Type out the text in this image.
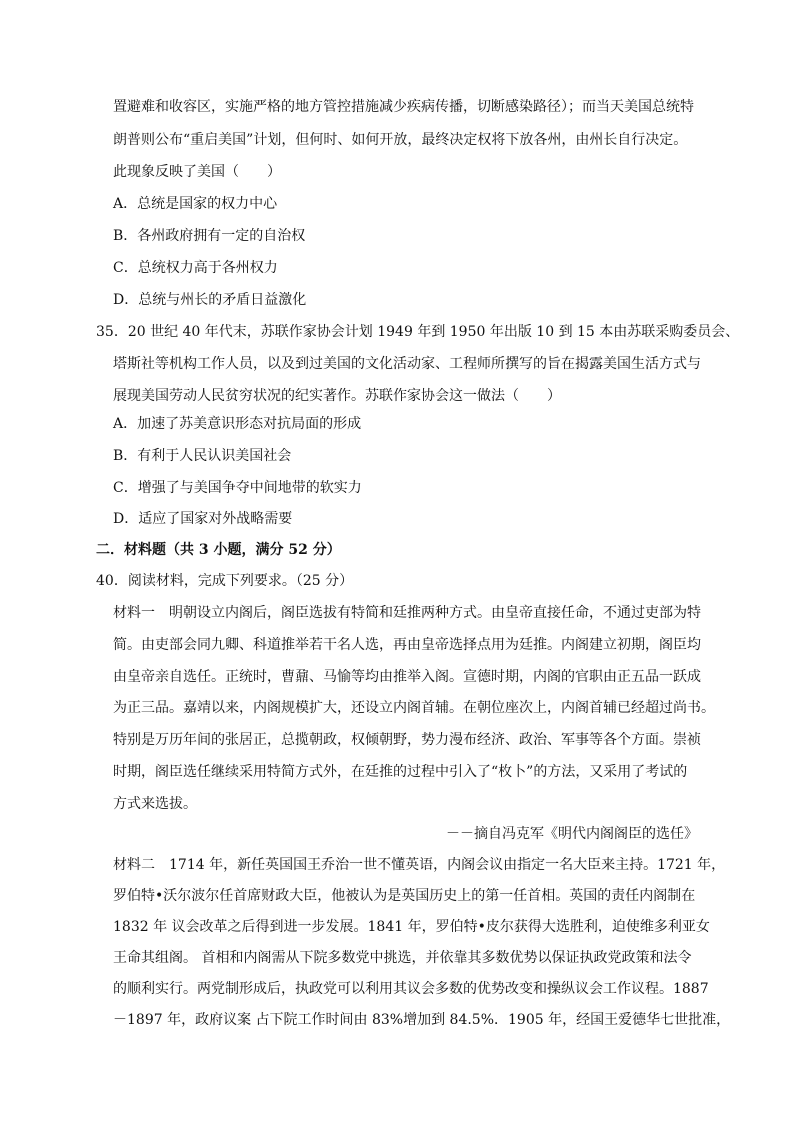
置避难和收容区，实施严格的地方管控措施减少疾病传播，切断感染路径）；而当天美国总统特
朗普则公布“重启美国”计划，但何时、如何开放，最终决定权将下放各州，由州长自行决定。
此现象反映了美国（　　）
A．总统是国家的权力中心
B．各州政府拥有一定的自治权
C．总统权力高于各州权力
D．总统与州长的矛盾日益激化
35．20 世纪 40 年代末，苏联作家协会计划 1949 年到 1950 年出版 10 到 15 本由苏联采购委员会、
塔斯社等机构工作人员，以及到过美国的文化活动家、工程师所撰写的旨在揭露美国生活方式与
展现美国劳动人民贫穷状况的纪实著作。苏联作家协会这一做法（　　）
A．加速了苏美意识形态对抗局面的形成
B．有利于人民认识美国社会
C．增强了与美国争夺中间地带的软实力
D．适应了国家对外战略需要
二．材料题（共 3 小题，满分 52 分）
40．阅读材料，完成下列要求。（25 分）
材料一　明朝设立内阁后，阁臣选拔有特简和廷推两种方式。由皇帝直接任命，不通过吏部为特
简。由吏部会同九卿、科道推举若干名人选，再由皇帝选择点用为廷推。内阁建立初期，阁臣均
由皇帝亲自选任。正统时，曹鼐、马愉等均由推举入阁。宣德时期，内阁的官职由正五品一跃成
为正三品。嘉靖以来，内阁规模扩大，还设立内阁首辅。在朝位座次上，内阁首辅已经超过尚书。
特别是万历年间的张居正，总揽朝政，权倾朝野，势力漫布经济、政治、军事等各个方面。崇祯
时期，阁臣选任继续采用特简方式外，在廷推的过程中引入了“枚卜”的方法，又采用了考试的
方式来选拔。
－－摘自冯克军《明代内阁阁臣的选任》
材料二　1714 年，新任英国国王乔治一世不懂英语，内阁会议由指定一名大臣来主持。1721 年，
罗伯特•沃尔波尔任首席财政大臣，他被认为是英国历史上的第一任首相。英国的责任内阁制在
1832 年 议会改革之后得到进一步发展。1841 年，罗伯特•皮尔获得大选胜利，迫使维多利亚女
王命其组阁。 首相和内阁需从下院多数党中挑选，并依靠其多数优势以保证执政党政策和法令
的顺利实行。两党制形成后，执政党可以利用其议会多数的优势改变和操纵议会工作议程。1887
－1897 年，政府议案 占下院工作时间由 83%增加到 84.5%．1905 年，经国王爱德华七世批准，
